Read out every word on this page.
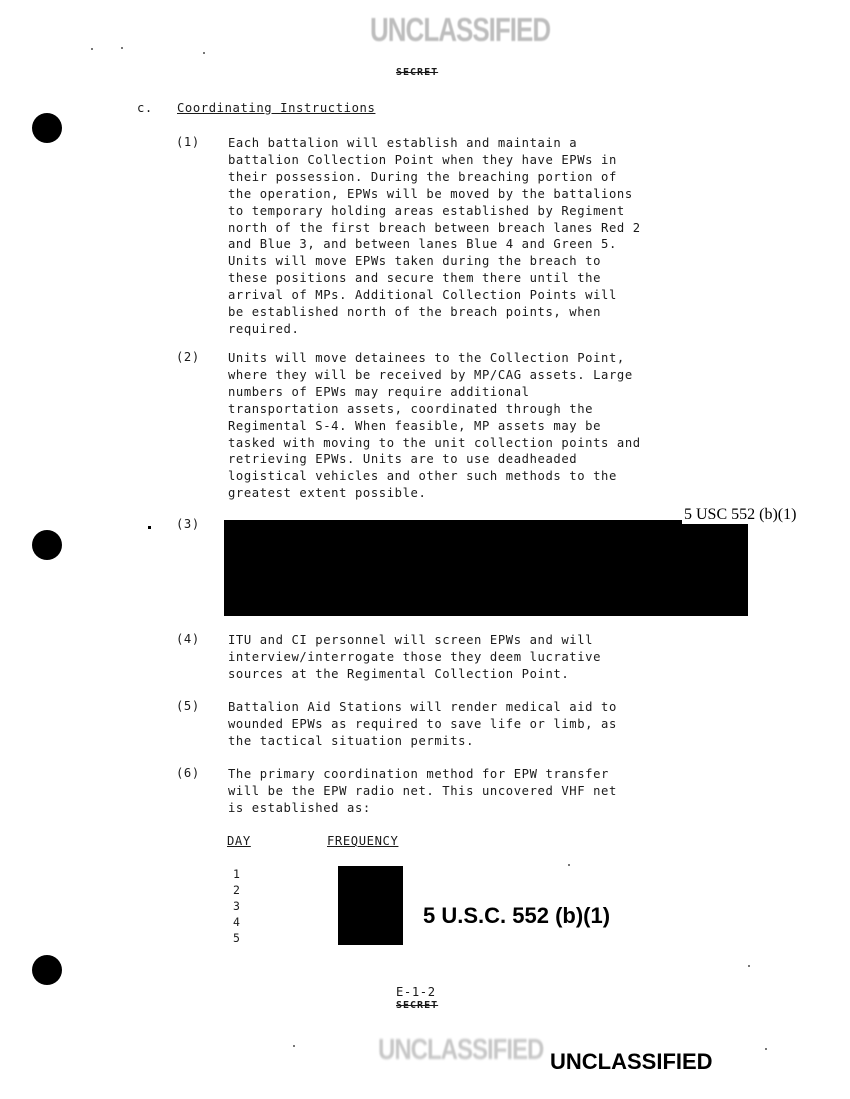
UNCLASSIFIED
SECRET
c. Coordinating Instructions
(1) Each battalion will establish and maintain a
battalion Collection Point when they have EPWs in
their possession. During the breaching portion of
the operation, EPWs will be moved by the battalions
to temporary holding areas established by Regiment
north of the first breach between breach lanes Red 2
and Blue 3, and between lanes Blue 4 and Green 5.
Units will move EPWs taken during the breach to
these positions and secure them there until the
arrival of MPs. Additional Collection Points will
be established north of the breach points, when
required.
(2) Units will move detainees to the Collection Point,
where they will be received by MP/CAG assets. Large
numbers of EPWs may require additional
transportation assets, coordinated through the
Regimental S-4. When feasible, MP assets may be
tasked with moving to the unit collection points and
retrieving EPWs. Units are to use deadheaded
logistical vehicles and other such methods to the
greatest extent possible.
(3)
5 USC 552 (b)(1)
(4) ITU and CI personnel will screen EPWs and will
interview/interrogate those they deem lucrative
sources at the Regimental Collection Point.
(5) Battalion Aid Stations will render medical aid to
wounded EPWs as required to save life or limb, as
the tactical situation permits.
(6) The primary coordination method for EPW transfer
will be the EPW radio net. This uncovered VHF net
is established as:
DAY	FREQUENCY
1
2
3
4
5
5 U.S.C. 552 (b)(1)
E-1-2
SECRET
UNCLASSIFIED UNCLASSIFIED
